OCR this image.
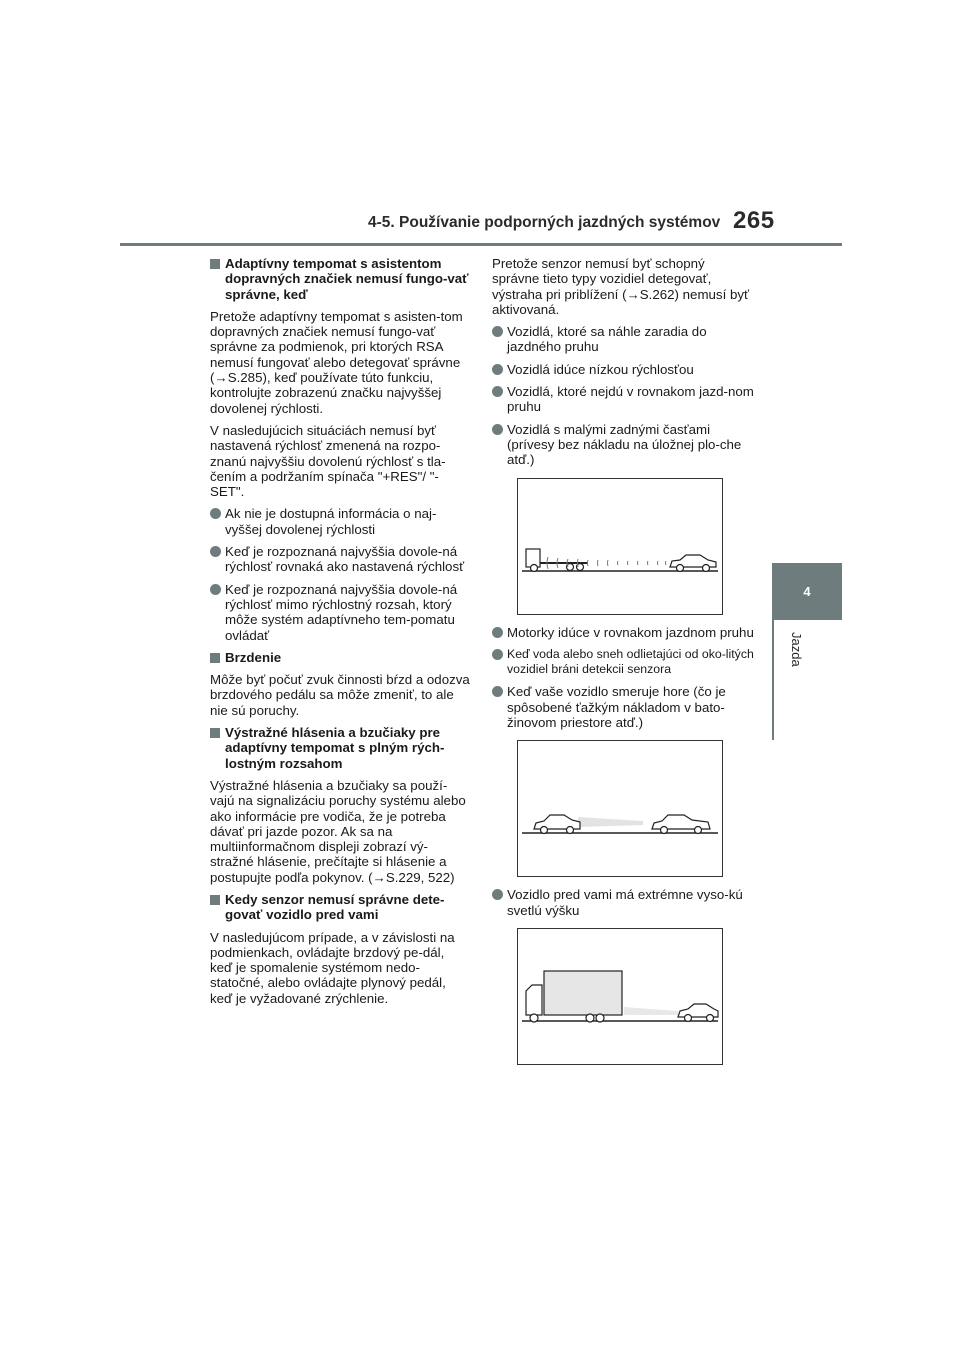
4-5. Používanie podporných jazdných systémov 265
4
Jazda
Adaptívny tempomat s asistentom dopravných značiek nemusí fungo-vať správne, keď
Pretože adaptívny tempomat s asisten-tom dopravných značiek nemusí fungo-vať správne za podmienok, pri ktorých RSA nemusí fungovať alebo detegovať správne (→S.285), keď používate túto funkciu, kontrolujte zobrazenú značku najvyššej dovolenej rýchlosti.
V nasledujúcich situáciách nemusí byť nastavená rýchlosť zmenená na rozpo-znanú najvyššiu dovolenú rýchlosť s tla-čením a podržaním spínača "+RES"/ "-SET".
Ak nie je dostupná informácia o naj-vyššej dovolenej rýchlosti
Keď je rozpoznaná najvyššia dovole-ná rýchlosť rovnaká ako nastavená rýchlosť
Keď je rozpoznaná najvyššia dovole-ná rýchlosť mimo rýchlostný rozsah, ktorý môže systém adaptívneho tem-pomatu ovládať
Brzdenie
Môže byť počuť zvuk činnosti bŕzd a odozva brzdového pedálu sa môže zmeniť, to ale nie sú poruchy.
Výstražné hlásenia a bzučiaky pre adaptívny tempomat s plným rých-lostným rozsahom
Výstražné hlásenia a bzučiaky sa použí-vajú na signalizáciu poruchy systému alebo ako informácie pre vodiča, že je potreba dávať pri jazde pozor. Ak sa na multiinformačnom displeji zobrazí vý-stražné hlásenie, prečítajte si hlásenie a postupujte podľa pokynov. (→S.229, 522)
Kedy senzor nemusí správne dete-govať vozidlo pred vami
V nasledujúcom prípade, a v závislosti na podmienkach, ovládajte brzdový pe-dál, keď je spomalenie systémom nedo-statočné, alebo ovládajte plynový pedál, keď je vyžadované zrýchlenie.
Pretože senzor nemusí byť schopný správne tieto typy vozidiel detegovať, výstraha pri priblížení (→S.262) nemusí byť aktivovaná.
Vozidlá, ktoré sa náhle zaradia do jazdného pruhu
Vozidlá idúce nízkou rýchlosťou
Vozidlá, ktoré nejdú v rovnakom jazd-nom pruhu
Vozidlá s malými zadnými časťami (prívesy bez nákladu na úložnej plo-che atď.)
Motorky idúce v rovnakom jazdnom pruhu
Keď voda alebo sneh odlietajúci od oko-litých vozidiel bráni detekcii senzora
Keď vaše vozidlo smeruje hore (čo je spôsobené ťažkým nákladom v bato-žinovom priestore atď.)
Vozidlo pred vami má extrémne vyso-kú svetlú výšku
